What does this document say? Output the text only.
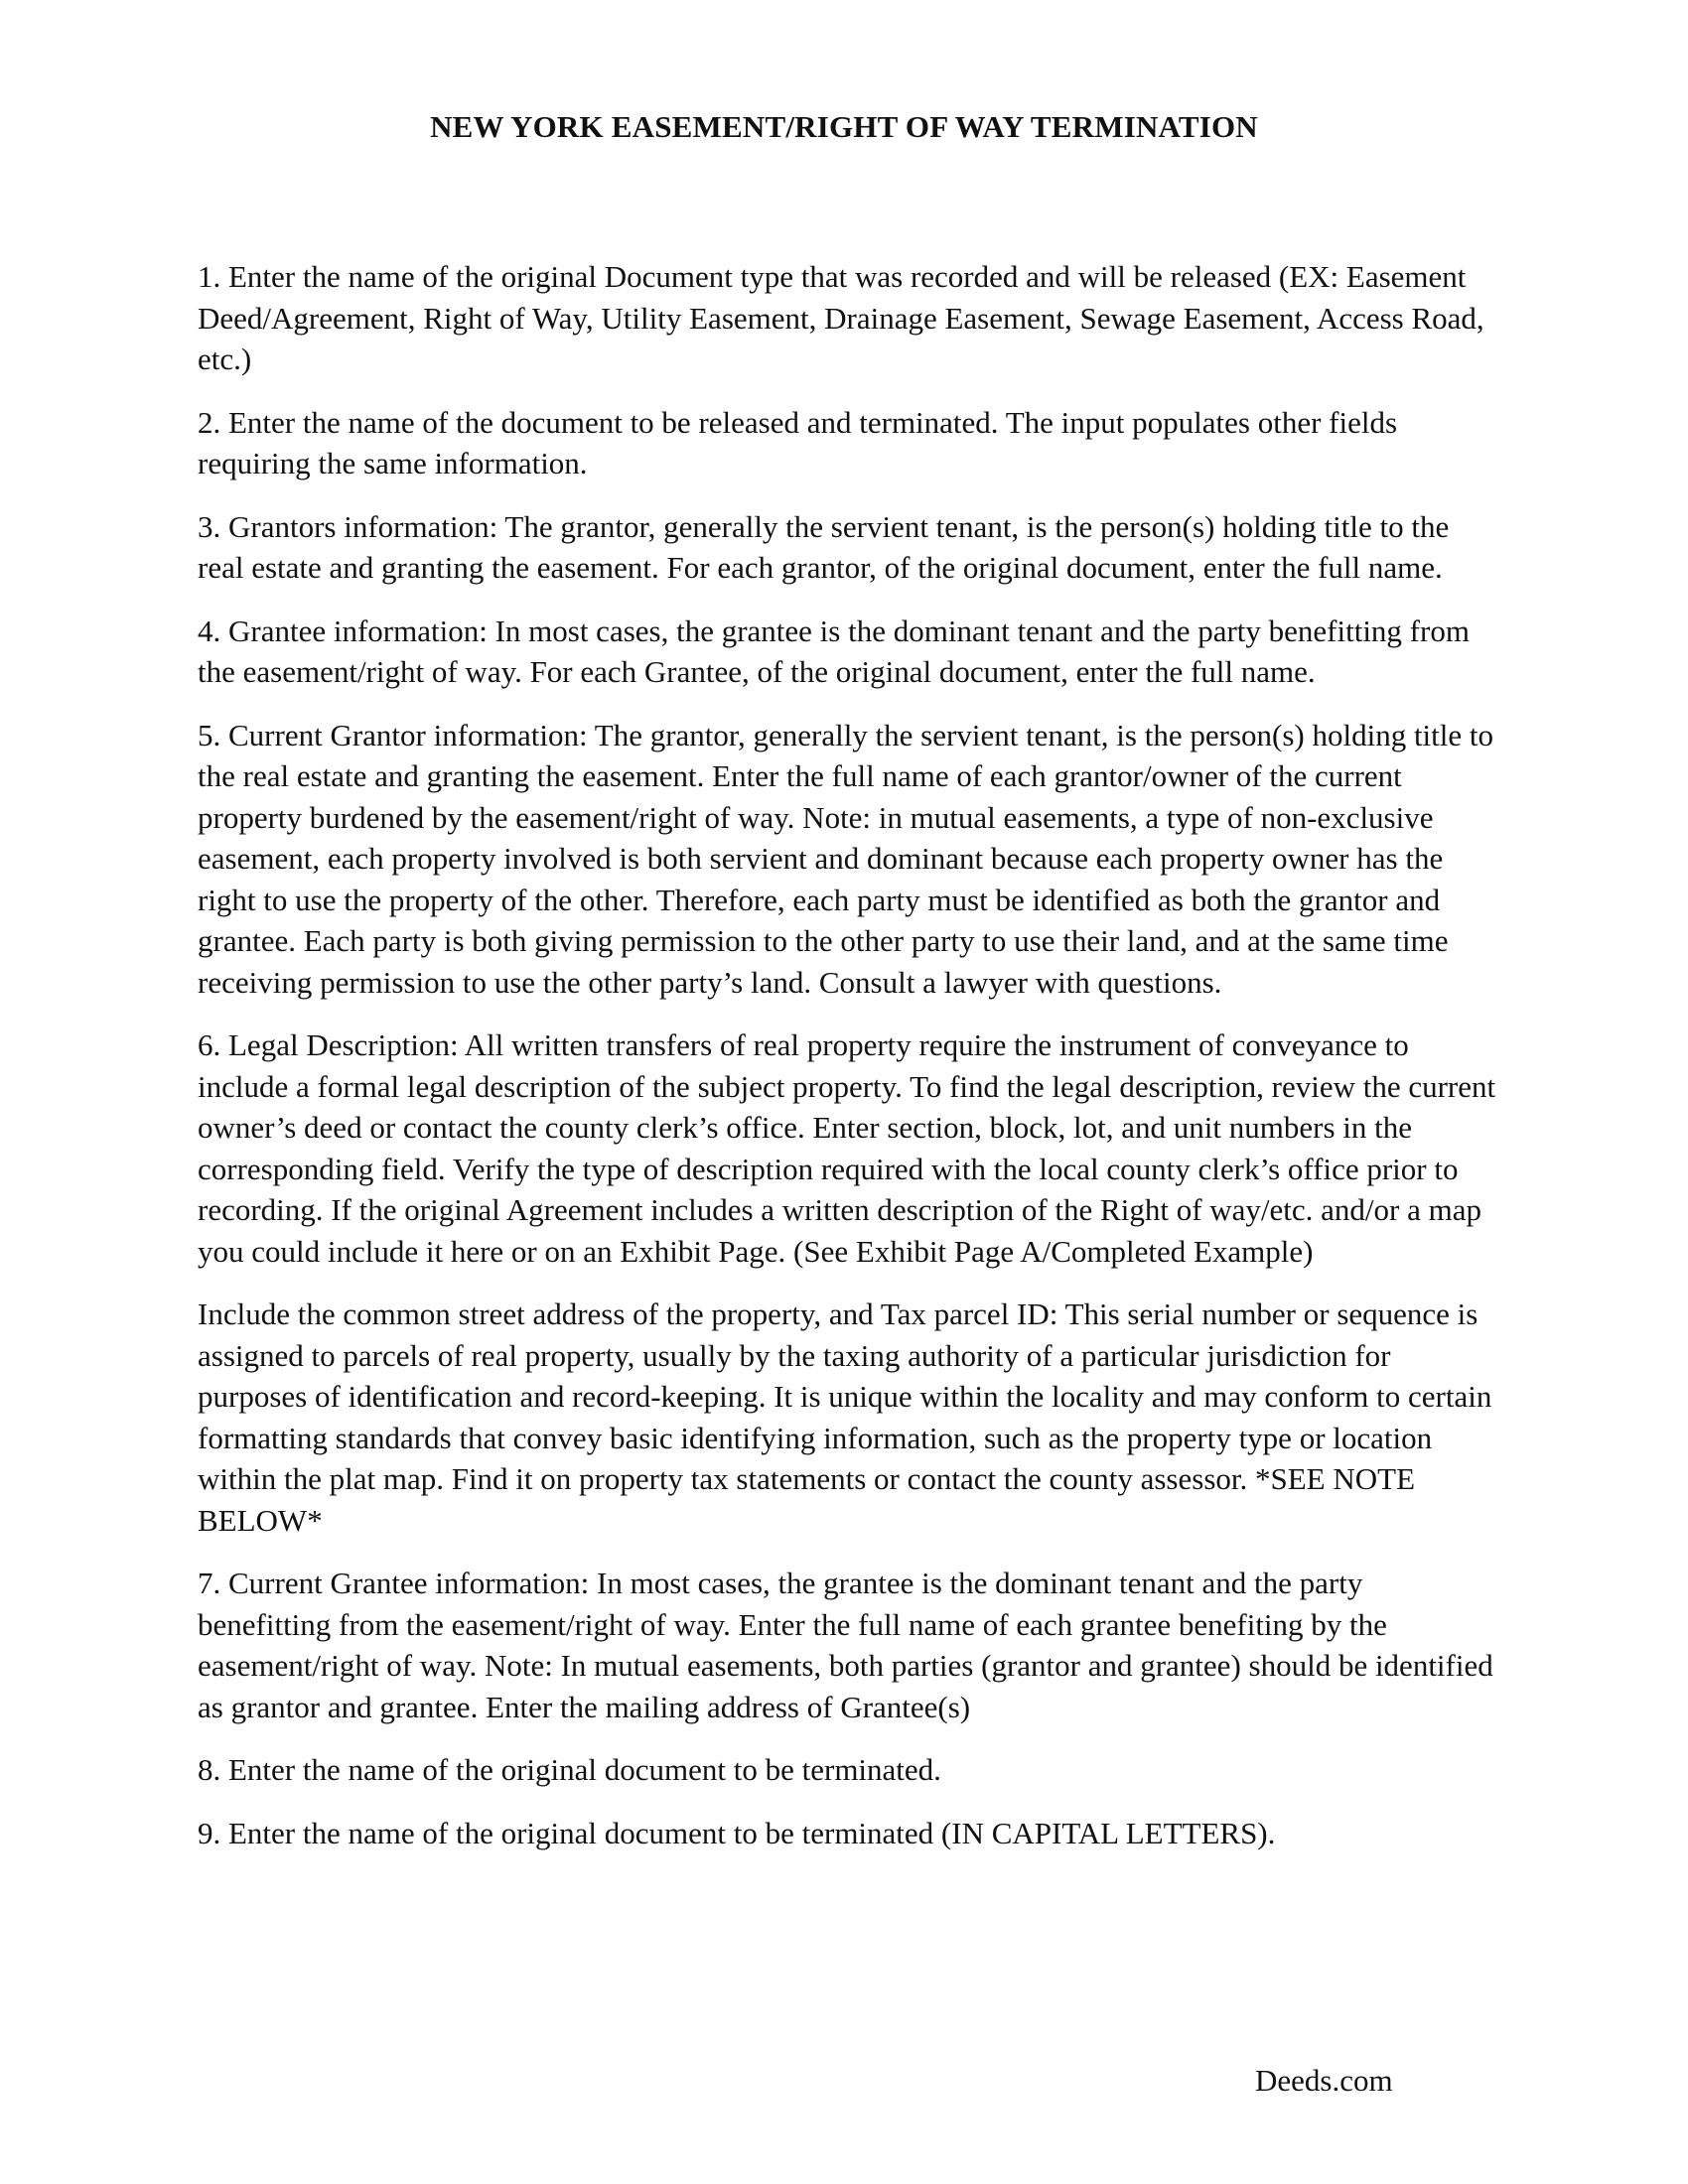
NEW YORK EASEMENT/RIGHT OF WAY TERMINATION

1. Enter the name of the original Document type that was recorded and will be released (EX: Easement Deed/Agreement, Right of Way, Utility Easement, Drainage Easement, Sewage Easement, Access Road, etc.)

2. Enter the name of the document to be released and terminated. The input populates other fields requiring the same information.

3. Grantors information: The grantor, generally the servient tenant, is the person(s) holding title to the real estate and granting the easement. For each grantor, of the original document, enter the full name.

4. Grantee information: In most cases, the grantee is the dominant tenant and the party benefitting from the easement/right of way. For each Grantee, of the original document, enter the full name.

5. Current Grantor information: The grantor, generally the servient tenant, is the person(s) holding title to the real estate and granting the easement. Enter the full name of each grantor/owner of the current property burdened by the easement/right of way. Note: in mutual easements, a type of non-exclusive easement, each property involved is both servient and dominant because each property owner has the right to use the property of the other. Therefore, each party must be identified as both the grantor and grantee. Each party is both giving permission to the other party to use their land, and at the same time receiving permission to use the other party’s land. Consult a lawyer with questions.

6. Legal Description: All written transfers of real property require the instrument of conveyance to include a formal legal description of the subject property. To find the legal description, review the current owner’s deed or contact the county clerk’s office. Enter section, block, lot, and unit numbers in the corresponding field. Verify the type of description required with the local county clerk’s office prior to recording. If the original Agreement includes a written description of the Right of way/etc. and/or a map you could include it here or on an Exhibit Page. (See Exhibit Page A/Completed Example)

Include the common street address of the property, and Tax parcel ID: This serial number or sequence is assigned to parcels of real property, usually by the taxing authority of a particular jurisdiction for purposes of identification and record-keeping. It is unique within the locality and may conform to certain formatting standards that convey basic identifying information, such as the property type or location within the plat map. Find it on property tax statements or contact the county assessor. *SEE NOTE BELOW*

7. Current Grantee information: In most cases, the grantee is the dominant tenant and the party benefitting from the easement/right of way. Enter the full name of each grantee benefiting by the easement/right of way. Note: In mutual easements, both parties (grantor and grantee) should be identified as grantor and grantee. Enter the mailing address of Grantee(s)

8. Enter the name of the original document to be terminated.

9. Enter the name of the original document to be terminated (IN CAPITAL LETTERS).

Deeds.com
